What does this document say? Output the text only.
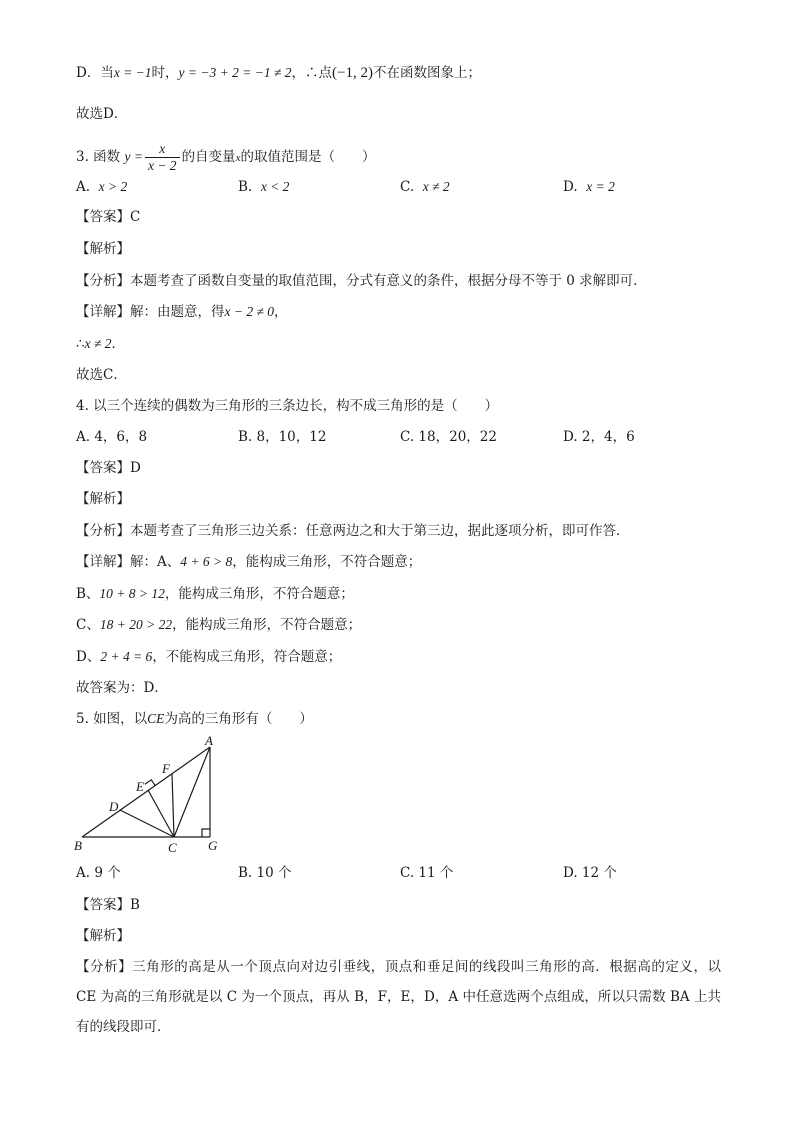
D．当x = −1时，y = −3 + 2 = −1 ≠ 2，∴点(−1, 2)不在函数图象上；
故选D．
3. 函数 $y = \frac{x}{x - 2}$ 的自变量x的取值范围是（　　）
A. x > 2	B. x < 2	C. x ≠ 2	D. x = 2
【答案】C
【解析】
【分析】本题考查了函数自变量的取值范围，分式有意义的条件，根据分母不等于 0 求解即可．
【详解】解：由题意，得x − 2 ≠ 0，
∴x ≠ 2．
故选C．
4. 以三个连续的偶数为三角形的三条边长，构不成三角形的是（　　）
A. 4，6，8	B. 8，10，12	C. 18，20，22	D. 2，4，6
【答案】D
【解析】
【分析】本题考查了三角形三边关系：任意两边之和大于第三边，据此逐项分析，即可作答．
【详解】解：A、4 + 6 > 8，能构成三角形，不符合题意；
B、10 + 8 > 12，能构成三角形，不符合题意；
C、18 + 20 > 22，能构成三角形，不符合题意；
D、2 + 4 = 6，不能构成三角形，符合题意；
故答案为：D．
5. 如图，以CE为高的三角形有（　　）
A
B	C
D
E
F
G
A. 9 个	B. 10 个	C. 11 个	D. 12 个
【答案】B
【解析】
【分析】三角形的高是从一个顶点向对边引垂线，顶点和垂足间的线段叫三角形的高．根据高的定义，以 CE 为高的三角形就是以 C 为一个顶点，再从 B，F，E，D，A 中任意选两个点组成，所以只需数 BA 上共有的线段即可．
